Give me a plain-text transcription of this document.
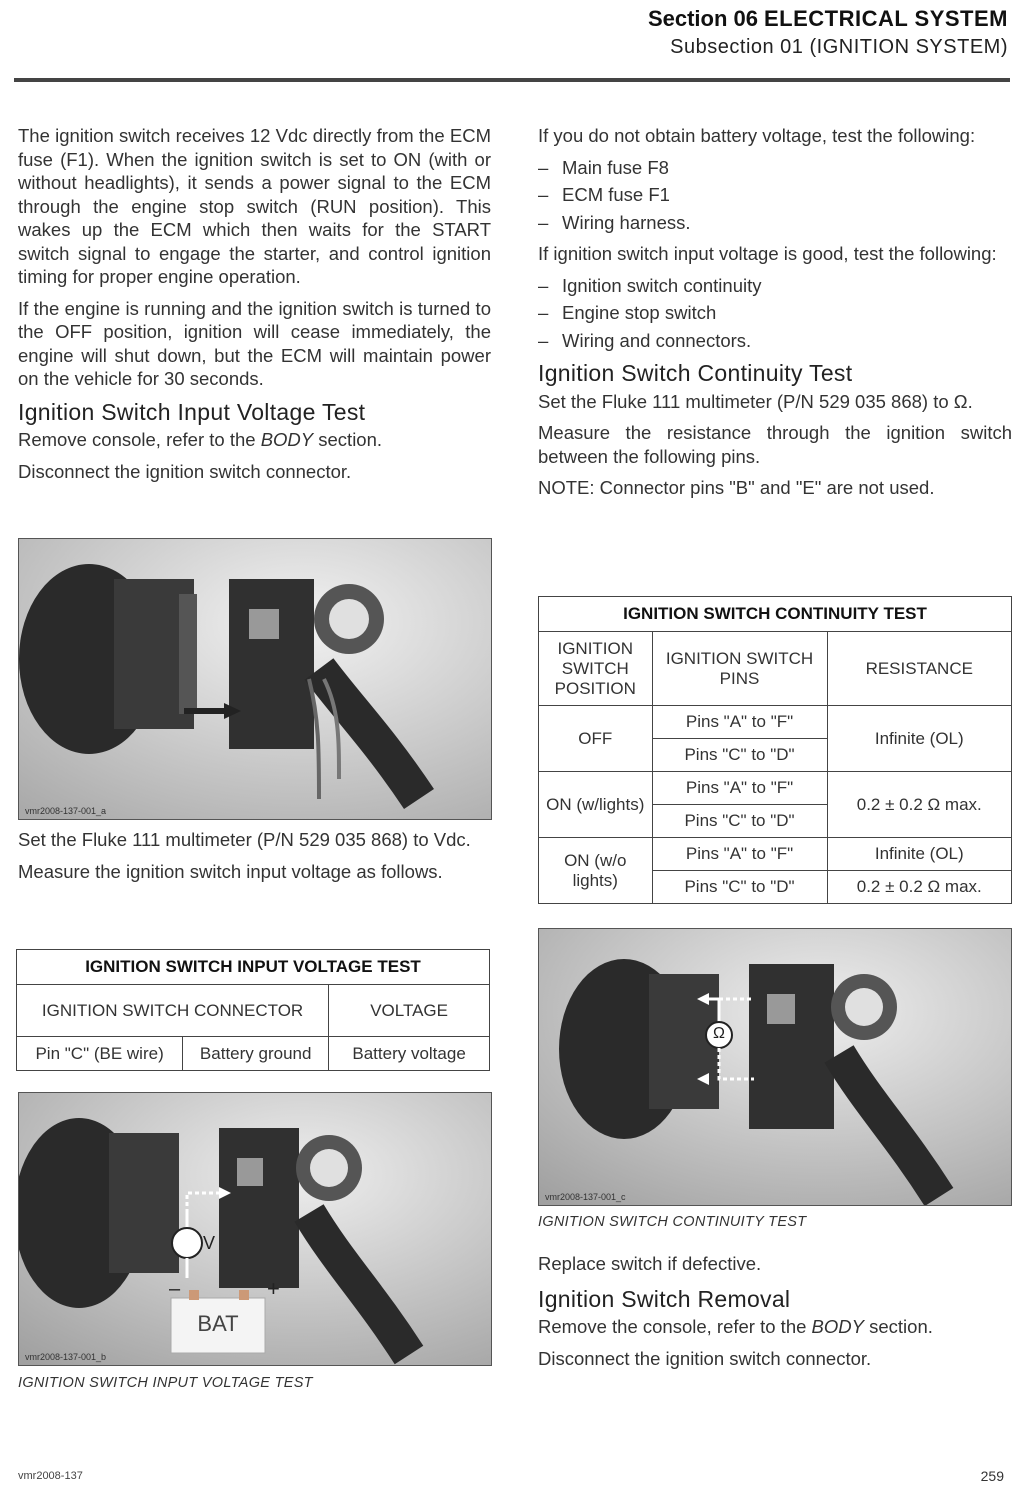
Section 06 ELECTRICAL SYSTEM
Subsection 01 (IGNITION SYSTEM)

The ignition switch receives 12 Vdc directly from the ECM fuse (F1). When the ignition switch is set to ON (with or without headlights), it sends a power signal to the ECM through the engine stop switch (RUN position). This wakes up the ECM which then waits for the START switch signal to engage the starter, and control ignition timing for proper engine operation.

If the engine is running and the ignition switch is turned to the OFF position, ignition will cease immediately, the engine will shut down, but the ECM will maintain power on the vehicle for 30 seconds.

Ignition Switch Input Voltage Test

Remove console, refer to the BODY section.

Disconnect the ignition switch connector.

vmr2008-137-001_a

Set the Fluke 111 multimeter (P/N 529 035 868) to Vdc.

Measure the ignition switch input voltage as follows.

IGNITION SWITCH INPUT VOLTAGE TEST		
IGNITION SWITCH CONNECTOR		VOLTAGE
Pin "C" (BE wire)	Battery ground	Battery voltage
V
–	+
BAT
vmr2008-137-001_b
IGNITION SWITCH INPUT VOLTAGE TEST

If you do not obtain battery voltage, test the following:

– Main fuse F8
– ECM fuse F1
– Wiring harness.

If ignition switch input voltage is good, test the following:

– Ignition switch continuity
– Engine stop switch
– Wiring and connectors.
Ignition Switch Continuity Test

Set the Fluke 111 multimeter (P/N 529 035 868) to Ω.

Measure the resistance through the ignition switch between the following pins.

NOTE: Connector pins "B" and "E" are not used.

IGNITION SWITCH CONTINUITY TEST		
IGNITION SWITCH POSITION	IGNITION SWITCH PINS	RESISTANCE
OFF	Pins "A" to "F"	Infinite (OL)
	Pins "C" to "D"	
ON (w/lights)	Pins "A" to "F"	0.2 ± 0.2 Ω max.
	Pins "C" to "D"	
ON (w/o lights)	Pins "A" to "F"	Infinite (OL)
	Pins "C" to "D"	0.2 ± 0.2 Ω max.
Ω
vmr2008-137-001_c
IGNITION SWITCH CONTINUITY TEST

Replace switch if defective.

Ignition Switch Removal

Remove the console, refer to the BODY section.

Disconnect the ignition switch connector.

vmr2008-137	259
